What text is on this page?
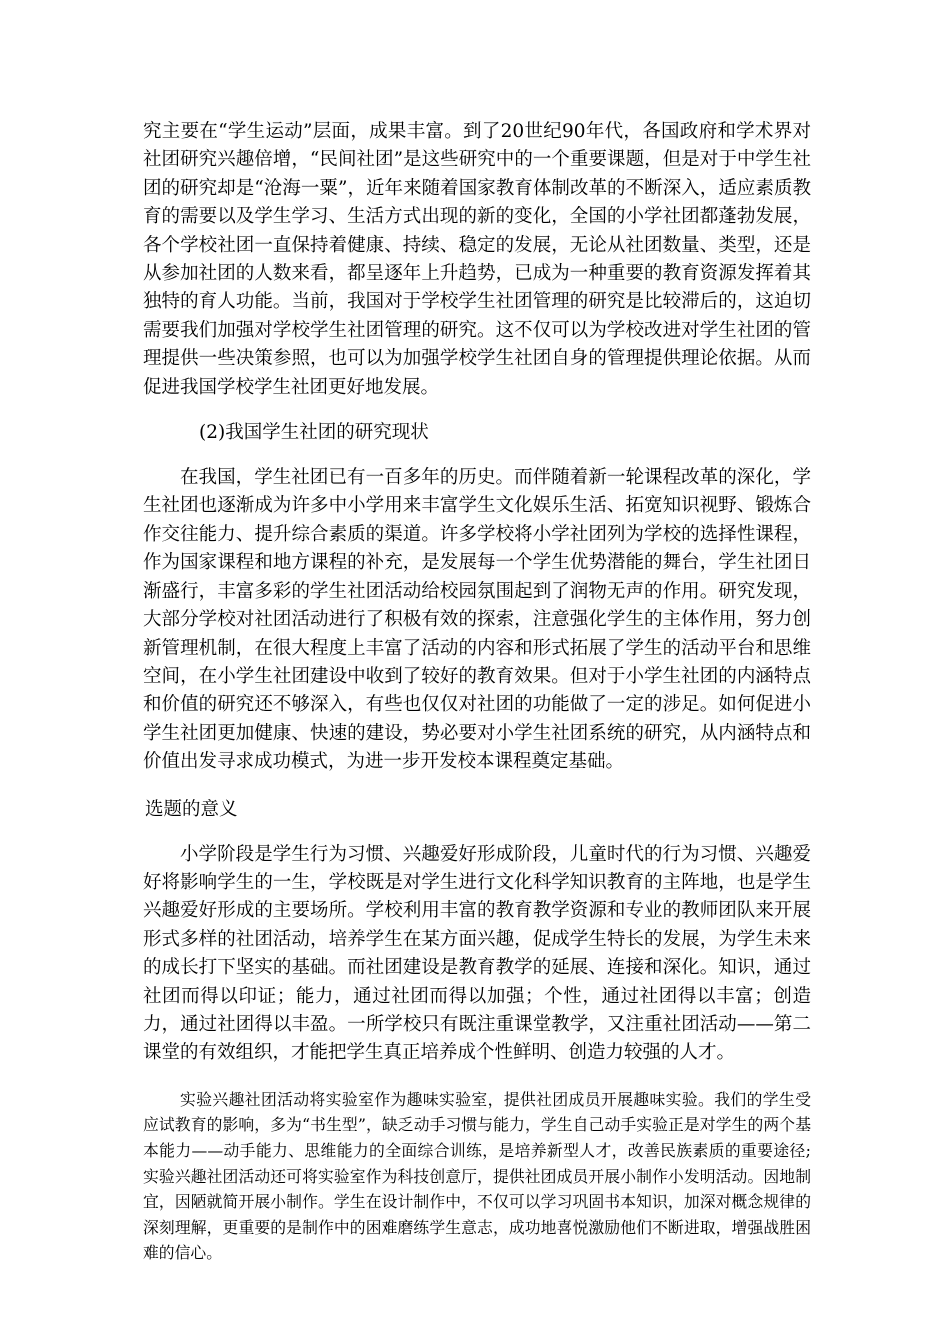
究主要在“学生运动”层面，成果丰富。到了20世纪90年代，各国政府和学术界对社团研究兴趣倍增，“民间社团”是这些研究中的一个重要课题，但是对于中学生社团的研究却是“沧海一粟”，近年来随着国家教育体制改革的不断深入，适应素质教育的需要以及学生学习、生活方式出现的新的变化，全国的小学社团都蓬勃发展，各个学校社团一直保持着健康、持续、稳定的发展，无论从社团数量、类型，还是从参加社团的人数来看，都呈逐年上升趋势，已成为一种重要的教育资源发挥着其独特的育人功能。当前，我国对于学校学生社团管理的研究是比较滞后的，这迫切需要我们加强对学校学生社团管理的研究。这不仅可以为学校改进对学生社团的管理提供一些决策参照，也可以为加强学校学生社团自身的管理提供理论依据。从而促进我国学校学生社团更好地发展。

(2)我国学生社团的研究现状

在我国，学生社团已有一百多年的历史。而伴随着新一轮课程改革的深化，学生社团也逐渐成为许多中小学用来丰富学生文化娱乐生活、拓宽知识视野、锻炼合作交往能力、提升综合素质的渠道。许多学校将小学社团列为学校的选择性课程，作为国家课程和地方课程的补充，是发展每一个学生优势潜能的舞台，学生社团日渐盛行，丰富多彩的学生社团活动给校园氛围起到了润物无声的作用。研究发现，大部分学校对社团活动进行了积极有效的探索，注意强化学生的主体作用，努力创新管理机制，在很大程度上丰富了活动的内容和形式拓展了学生的活动平台和思维空间，在小学生社团建设中收到了较好的教育效果。但对于小学生社团的内涵特点和价值的研究还不够深入，有些也仅仅对社团的功能做了一定的涉足。如何促进小学生社团更加健康、快速的建设，势必要对小学生社团系统的研究，从内涵特点和价值出发寻求成功模式，为进一步开发校本课程奠定基础。

选题的意义

小学阶段是学生行为习惯、兴趣爱好形成阶段，儿童时代的行为习惯、兴趣爱好将影响学生的一生，学校既是对学生进行文化科学知识教育的主阵地，也是学生兴趣爱好形成的主要场所。学校利用丰富的教育教学资源和专业的教师团队来开展形式多样的社团活动，培养学生在某方面兴趣，促成学生特长的发展，为学生未来的成长打下坚实的基础。而社团建设是教育教学的延展、连接和深化。知识，通过社团而得以印证；能力，通过社团而得以加强；个性，通过社团得以丰富；创造力，通过社团得以丰盈。一所学校只有既注重课堂教学，又注重社团活动——第二课堂的有效组织，才能把学生真正培养成个性鲜明、创造力较强的人才。

实验兴趣社团活动将实验室作为趣味实验室，提供社团成员开展趣味实验。我们的学生受应试教育的影响，多为“书生型”，缺乏动手习惯与能力，学生自己动手实验正是对学生的两个基本能力——动手能力、思维能力的全面综合训练，是培养新型人才，改善民族素质的重要途径;实验兴趣社团活动还可将实验室作为科技创意厅，提供社团成员开展小制作小发明活动。因地制宜，因陋就简开展小制作。学生在设计制作中，不仅可以学习巩固书本知识，加深对概念规律的深刻理解，更重要的是制作中的困难磨练学生意志，成功地喜悦激励他们不断进取，增强战胜困难的信心。
